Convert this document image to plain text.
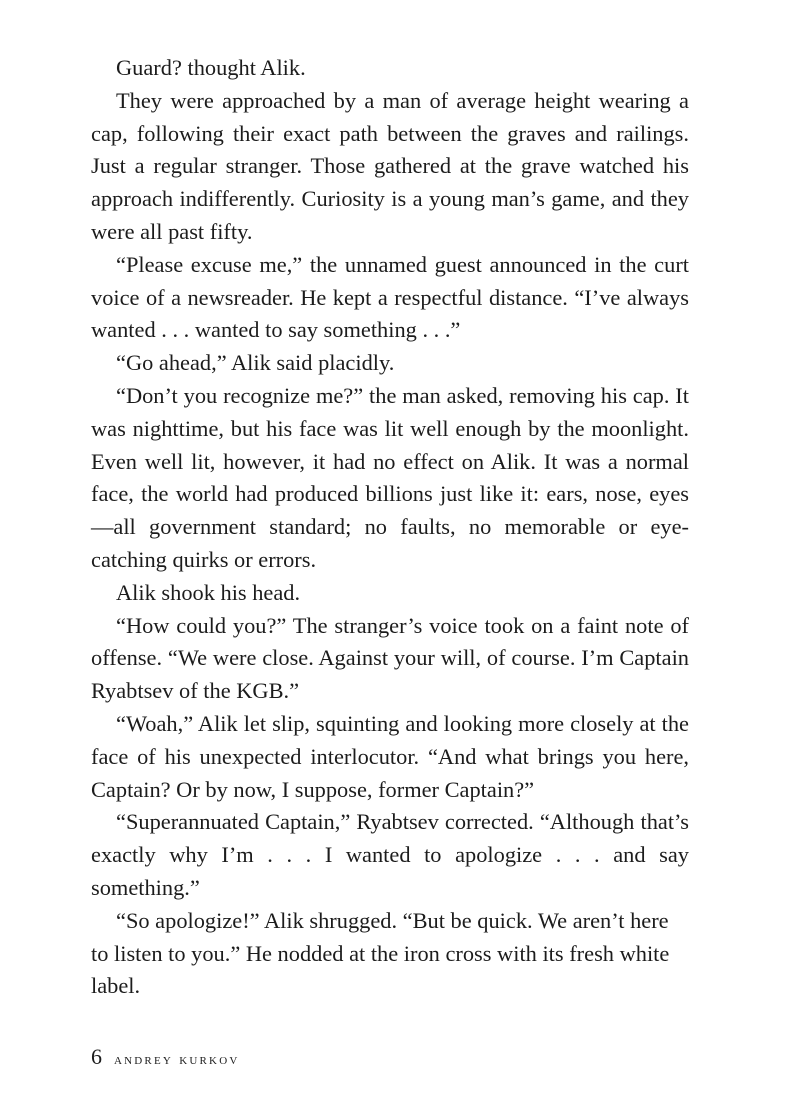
Guard? thought Alik.

They were approached by a man of average height wearing a cap, following their exact path between the graves and railings. Just a regular stranger. Those gathered at the grave watched his approach indifferently. Curiosity is a young man’s game, and they were all past fifty.

“Please excuse me,” the unnamed guest announced in the curt voice of a newsreader. He kept a respectful distance. “I’ve always wanted . . . wanted to say something . . .”

“Go ahead,” Alik said placidly.

“Don’t you recognize me?” the man asked, removing his cap. It was nighttime, but his face was lit well enough by the moonlight. Even well lit, however, it had no effect on Alik. It was a normal face, the world had produced billions just like it: ears, nose, eyes—all government standard; no faults, no memorable or eye-catching quirks or errors.

Alik shook his head.

“How could you?” The stranger’s voice took on a faint note of offense. “We were close. Against your will, of course. I’m Captain Ryabtsev of the KGB.”

“Woah,” Alik let slip, squinting and looking more closely at the face of his unexpected interlocutor. “And what brings you here, Captain? Or by now, I suppose, former Captain?”

“Superannuated Captain,” Ryabtsev corrected. “Although that’s exactly why I’m . . . I wanted to apologize . . . and say something.”

“So apologize!” Alik shrugged. “But be quick. We aren’t here to listen to you.” He nodded at the iron cross with its fresh white label.

6 andrey kurkov
